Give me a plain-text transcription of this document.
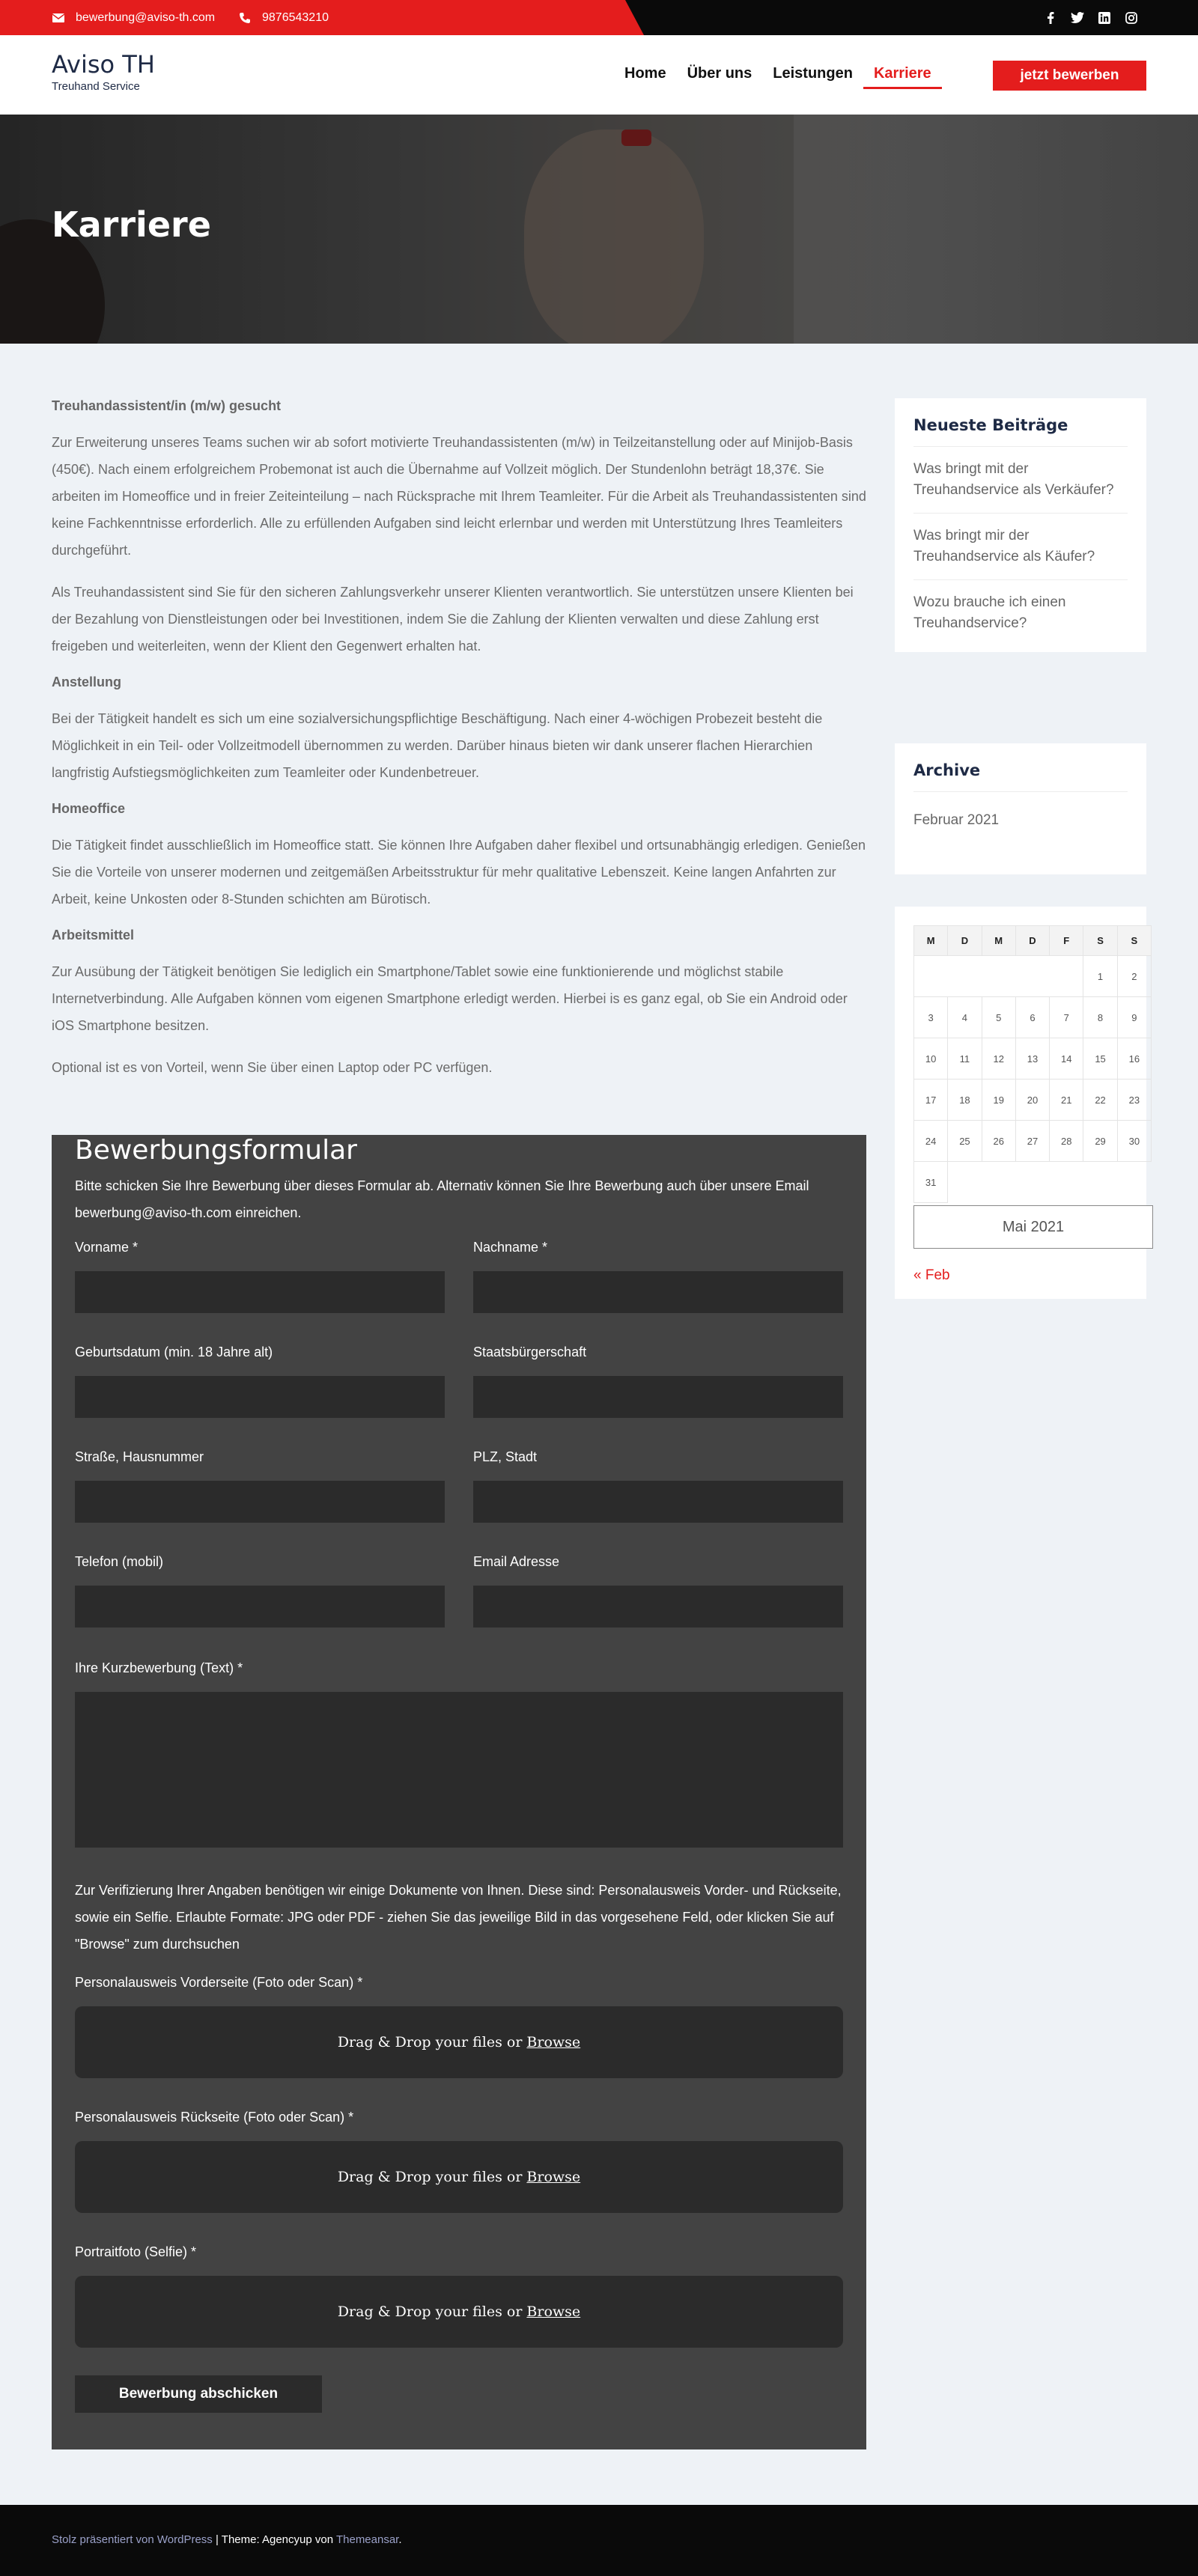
bewerbung@aviso-th.com	9876543210
Aviso TH
Treuhand Service
Home	Über uns	Leistungen	Karriere	jetzt bewerben
Karriere
Treuhandassistent/in (m/w) gesucht

Zur Erweiterung unseres Teams suchen wir ab sofort motivierte Treuhandassistenten (m/w) in Teilzeitanstellung oder auf Minijob-Basis (450€). Nach einem erfolgreichem Probemonat ist auch die Übernahme auf Vollzeit möglich. Der Stundenlohn beträgt 18,37€. Sie arbeiten im Homeoffice und in freier Zeiteinteilung – nach Rücksprache mit Ihrem Teamleiter. Für die Arbeit als Treuhandassistenten sind keine Fachkenntnisse erforderlich. Alle zu erfüllenden Aufgaben sind leicht erlernbar und werden mit Unterstützung Ihres Teamleiters durchgeführt.

Als Treuhandassistent sind Sie für den sicheren Zahlungsverkehr unserer Klienten verantwortlich. Sie unterstützen unsere Klienten bei der Bezahlung von Dienstleistungen oder bei Investitionen, indem Sie die Zahlung der Klienten verwalten und diese Zahlung erst freigeben und weiterleiten, wenn der Klient den Gegenwert erhalten hat.

Anstellung

Bei der Tätigkeit handelt es sich um eine sozialversichungspflichtige Beschäftigung. Nach einer 4-wöchigen Probezeit besteht die Möglichkeit in ein Teil- oder Vollzeitmodell übernommen zu werden. Darüber hinaus bieten wir dank unserer flachen Hierarchien langfristig Aufstiegsmöglichkeiten zum Teamleiter oder Kundenbetreuer.

Homeoffice

Die Tätigkeit findet ausschließlich im Homeoffice statt. Sie können Ihre Aufgaben daher flexibel und ortsunabhängig erledigen. Genießen Sie die Vorteile von unserer modernen und zeitgemäßen Arbeitsstruktur für mehr qualitative Lebenszeit. Keine langen Anfahrten zur Arbeit, keine Unkosten oder 8-Stunden schichten am Bürotisch.

Arbeitsmittel

Zur Ausübung der Tätigkeit benötigen Sie lediglich ein Smartphone/Tablet sowie eine funktionierende und möglichst stabile Internetverbindung. Alle Aufgaben können vom eigenen Smartphone erledigt werden. Hierbei is es ganz egal, ob Sie ein Android oder iOS Smartphone besitzen.

Optional ist es von Vorteil, wenn Sie über einen Laptop oder PC verfügen.

Bewerbungsformular
Bitte schicken Sie Ihre Bewerbung über dieses Formular ab. Alternativ können Sie Ihre Bewerbung auch über unsere Email bewerbung@aviso-th.com einreichen.
Vorname *	Nachname *
Geburtsdatum (min. 18 Jahre alt)	Staatsbürgerschaft
Straße, Hausnummer	PLZ, Stadt
Telefon (mobil)	Email Adresse
Ihre Kurzbewerbung (Text) *
Zur Verifizierung Ihrer Angaben benötigen wir einige Dokumente von Ihnen. Diese sind: Personalausweis Vorder- und Rückseite, sowie ein Selfie. Erlaubte Formate: JPG oder PDF - ziehen Sie das jeweilige Bild in das vorgesehene Feld, oder klicken Sie auf "Browse" zum durchsuchen
Personalausweis Vorderseite (Foto oder Scan) *
Drag & Drop your files or Browse
Personalausweis Rückseite (Foto oder Scan) *
Drag & Drop your files or Browse
Portraitfoto (Selfie) *
Drag & Drop your files or Browse
Bewerbung abschicken
Neueste Beiträge
Was bringt mit der Treuhandservice als Verkäufer?
Was bringt mir der Treuhandservice als Käufer?
Wozu brauche ich einen Treuhandservice?
Archive
Februar 2021
M	D	M	D	F	S	S
					1	2
3	4	5	6	7	8	9
10	11	12	13	14	15	16
17	18	19	20	21	22	23
24	25	26	27	28	29	30
31						
Mai 2021
« Feb
Stolz präsentiert von WordPress | Theme: Agencyup von Themeansar.
